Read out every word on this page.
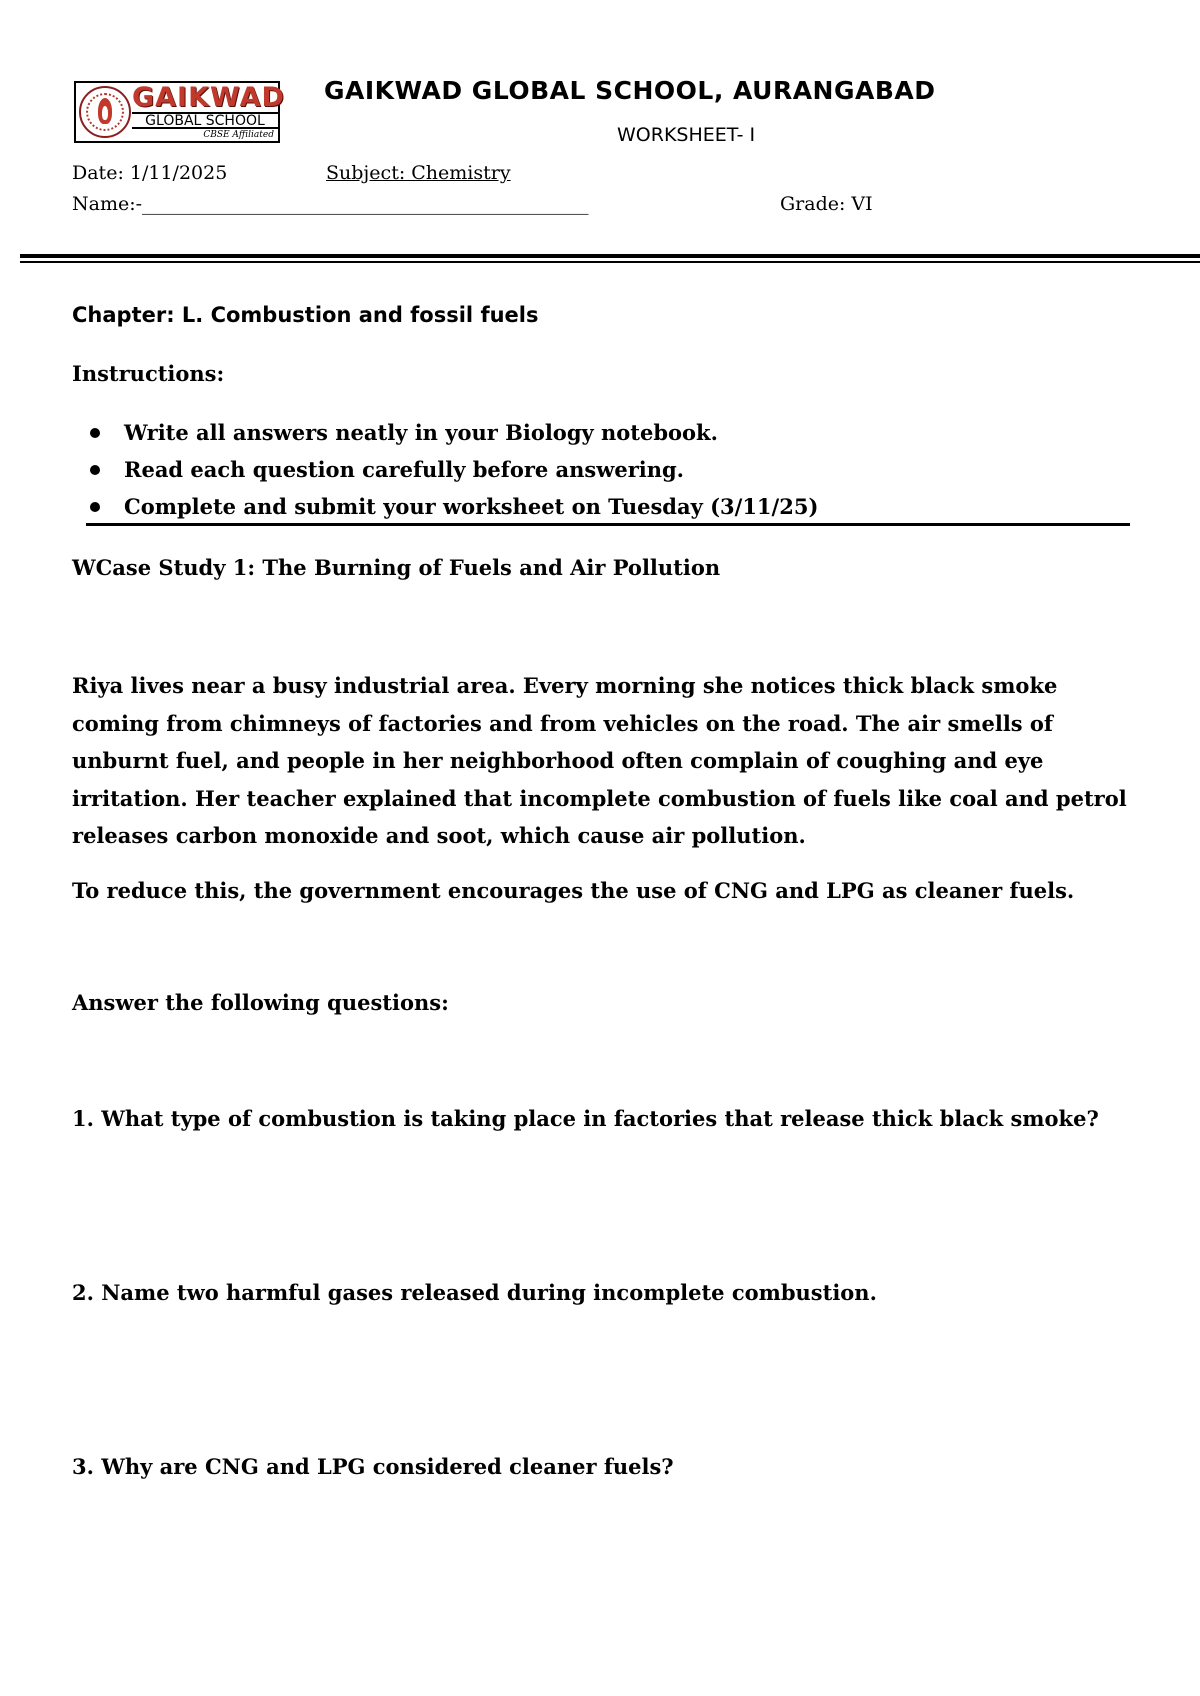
GAIKWAD
GLOBAL SCHOOL
CBSE Affiliated
GAIKWAD GLOBAL SCHOOL, AURANGABAD
WORKSHEET- I
Date: 1/11/2025	Subject: Chemistry
Name:-_______________________________________________	Grade: VI
Chapter: L. Combustion and fossil fuels
Instructions:
Write all answers neatly in your Biology notebook.
Read each question carefully before answering.
Complete and submit your worksheet on Tuesday (3/11/25)
WCase Study 1: The Burning of Fuels and Air Pollution

Riya lives near a busy industrial area. Every morning she notices thick black smoke coming from chimneys of factories and from vehicles on the road. The air smells of unburnt fuel, and people in her neighborhood often complain of coughing and eye irritation. Her teacher explained that incomplete combustion of fuels like coal and petrol releases carbon monoxide and soot, which cause air pollution.

To reduce this, the government encourages the use of CNG and LPG as cleaner fuels.

Answer the following questions:
1. What type of combustion is taking place in factories that release thick black smoke?
2. Name two harmful gases released during incomplete combustion.
3. Why are CNG and LPG considered cleaner fuels?
